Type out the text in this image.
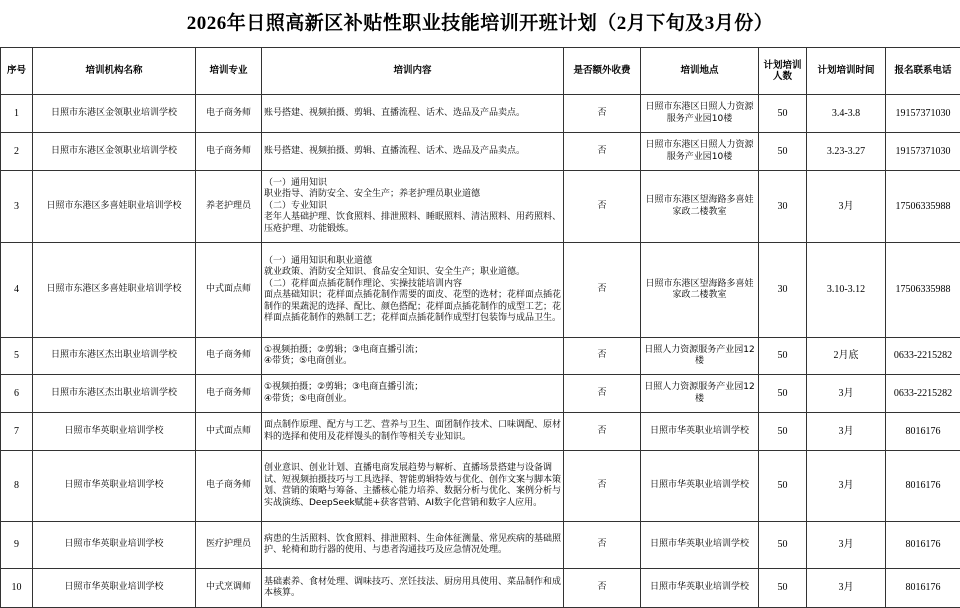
2026年日照高新区补贴性职业技能培训开班计划（2月下旬及3月份）
序号	培训机构名称	培训专业	培训内容	是否额外收费	培训地点	计划培训人数	计划培训时间	报名联系电话
1	日照市东港区金领职业培训学校	电子商务师	账号搭建、视频拍摄、剪辑、直播流程、话术、选品及产品卖点。	否	日照市东港区日照人力资源服务产业园10楼	50	3.4-3.8	19157371030
2	日照市东港区金领职业培训学校	电子商务师	账号搭建、视频拍摄、剪辑、直播流程、话术、选品及产品卖点。	否	日照市东港区日照人力资源服务产业园10楼	50	3.23-3.27	19157371030
3	日照市东港区多喜娃职业培训学校	养老护理员	（一）通用知识
职业指导、消防安全、安全生产；养老护理员职业道德
（二）专业知识
老年人基础护理、饮食照料、排泄照料、睡眠照料、清洁照料、用药照料、压疮护理、功能锻炼。	否	日照市东港区望海路多喜娃家政二楼教室	30	3月	17506335988
4	日照市东港区多喜娃职业培训学校	中式面点师	（一）通用知识和职业道德
就业政策、消防安全知识、食品安全知识、安全生产；职业道德。
（二）花样面点插花制作理论、实操技能培训内容
面点基础知识；花样面点插花制作需要的面皮、花型的选材；花样面点插花制作的果蔬泥的选择、配比、颜色搭配；花样面点插花制作的成型工艺；花样面点插花制作的熟制工艺；花样面点插花制作成型打包装饰与成品卫生。	否	日照市东港区望海路多喜娃家政二楼教室	30	3.10-3.12	17506335988
5	日照市东港区杰出职业培训学校	电子商务师	①视频拍摄；②剪辑；③电商直播引流；
④带货；⑤电商创业。	否	日照人力资源服务产业园12楼	50	2月底	0633-2215282
6	日照市东港区杰出职业培训学校	电子商务师	①视频拍摄；②剪辑；③电商直播引流；
④带货；⑤电商创业。	否	日照人力资源服务产业园12楼	50	3月	0633-2215282
7	日照市华英职业培训学校	中式面点师	面点制作原理、配方与工艺、营养与卫生、面团制作技术、口味调配、原材料的选择和使用及花样馒头的制作等相关专业知识。	否	日照市华英职业培训学校	50	3月	8016176
8	日照市华英职业培训学校	电子商务师	创业意识、创业计划、直播电商发展趋势与解析、直播场景搭建与设备调试、短视频拍摄技巧与工具选择、智能剪辑特效与优化、创作文案与脚本策划、营销的策略与筹备、主播核心能力培养、数据分析与优化、案例分析与实战演练、DeepSeek赋能+获客营销、AI数字化营销和数字人应用。	否	日照市华英职业培训学校	50	3月	8016176
9	日照市华英职业培训学校	医疗护理员	病患的生活照料、饮食照料、排泄照料、生命体征测量、常见疾病的基础照护、轮椅和助行器的使用、与患者沟通技巧及应急情况处理。	否	日照市华英职业培训学校	50	3月	8016176
10	日照市华英职业培训学校	中式烹调师	基础素养、食材处理、调味技巧、烹饪技法、厨房用具使用、菜品制作和成本核算。	否	日照市华英职业培训学校	50	3月	8016176
